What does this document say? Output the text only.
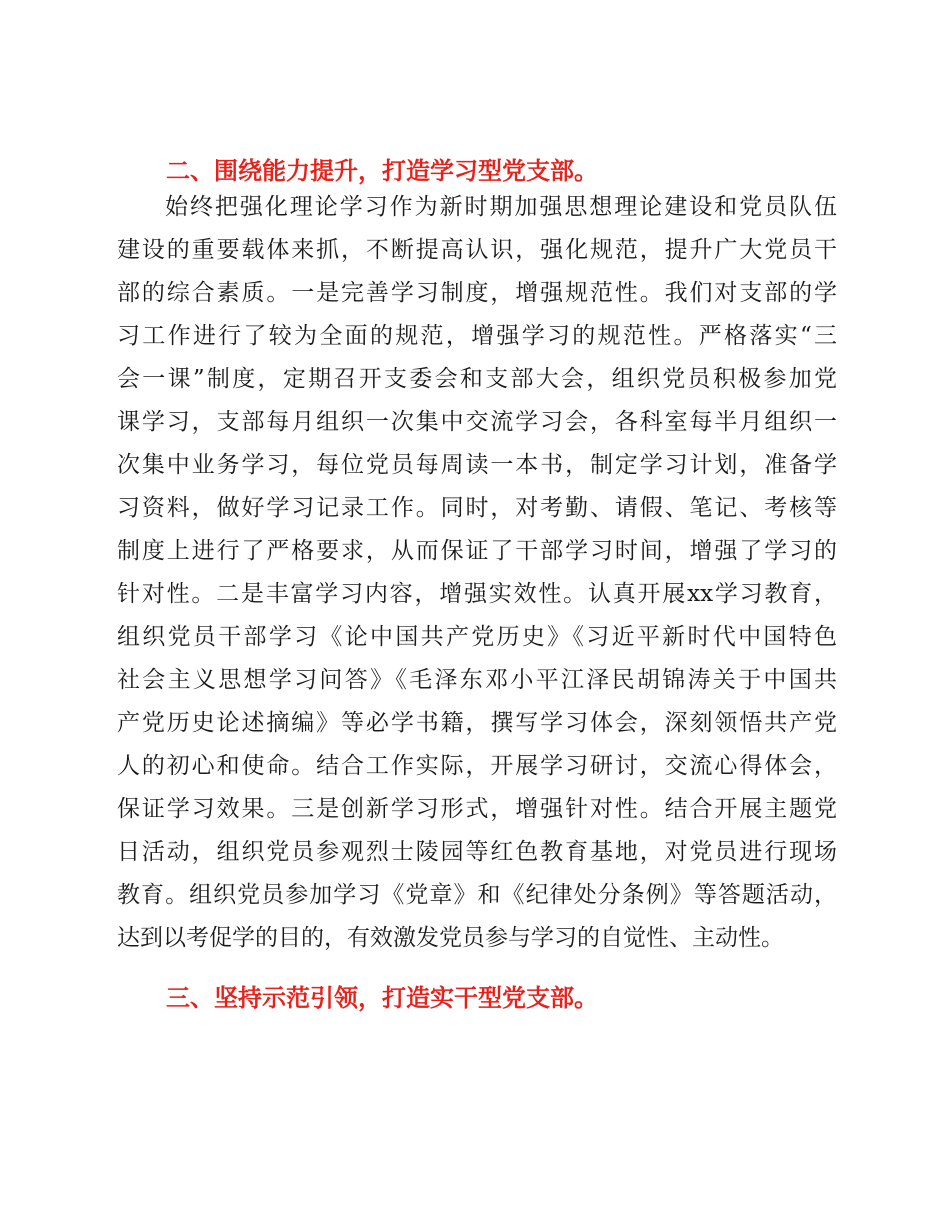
二、围绕能力提升，打造学习型党支部。
始终把强化理论学习作为新时期加强思想理论建设和党员队伍
建设的重要载体来抓，不断提高认识，强化规范，提升广大党员干
部的综合素质。一是完善学习制度，增强规范性。我们对支部的学
习工作进行了较为全面的规范，增强学习的规范性。严格落实“三
会一课”制度，定期召开支委会和支部大会，组织党员积极参加党
课学习，支部每月组织一次集中交流学习会，各科室每半月组织一
次集中业务学习，每位党员每周读一本书，制定学习计划，准备学
习资料，做好学习记录工作。同时，对考勤、请假、笔记、考核等
制度上进行了严格要求，从而保证了干部学习时间，增强了学习的
针对性。二是丰富学习内容，增强实效性。认真开展xx学习教育，
组织党员干部学习《论中国共产党历史》《习近平新时代中国特色
社会主义思想学习问答》《毛泽东邓小平江泽民胡锦涛关于中国共
产党历史论述摘编》等必学书籍，撰写学习体会，深刻领悟共产党
人的初心和使命。结合工作实际，开展学习研讨，交流心得体会，
保证学习效果。三是创新学习形式，增强针对性。结合开展主题党
日活动，组织党员参观烈士陵园等红色教育基地，对党员进行现场
教育。组织党员参加学习《党章》和《纪律处分条例》等答题活动，
达到以考促学的目的，有效激发党员参与学习的自觉性、主动性。
三、坚持示范引领，打造实干型党支部。
